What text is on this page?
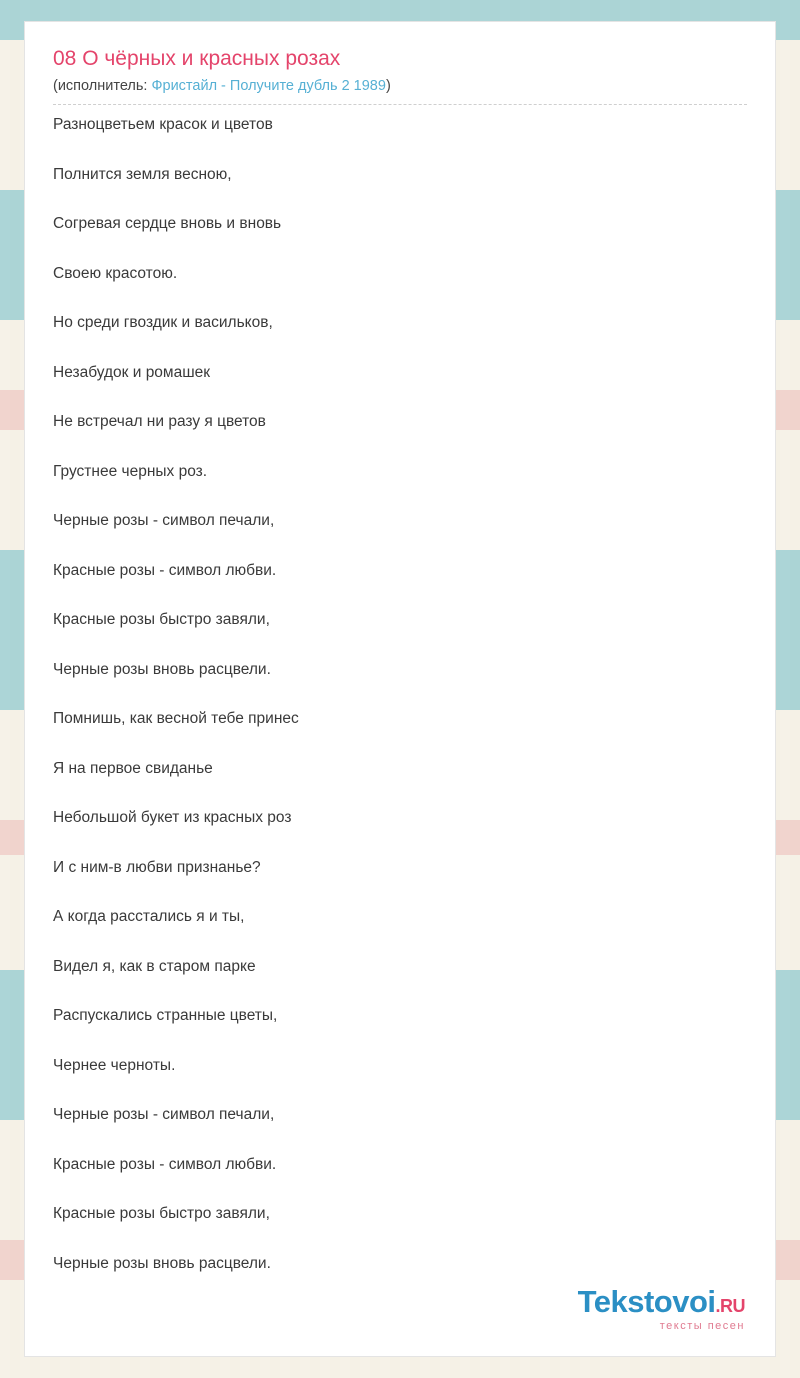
08 О чёрных и красных розах
(исполнитель: Фристайл - Получите дубль 2 1989)

Разноцветьем красок и цветов

Полнится земля весною,

Согревая сердце вновь и вновь

Своею красотою.

Но среди гвоздик и васильков,

Незабудок и ромашек

Не встречал ни разу я цветов

Грустнее черных роз.

Черные розы - символ печали,

Красные розы - символ любви.

Красные розы быстро завяли,

Черные розы вновь расцвели.

Помнишь, как весной тебе принес

Я на первое свиданье

Небольшой букет из красных роз

И с ним-в любви признанье?

А когда расстались я и ты,

Видел я, как в старом парке

Распускались странные цветы,

Чернее черноты.

Черные розы - символ печали,

Красные розы - символ любви.

Красные розы быстро завяли,

Черные розы вновь расцвели.

Tekstovoi.RU
тексты песен
